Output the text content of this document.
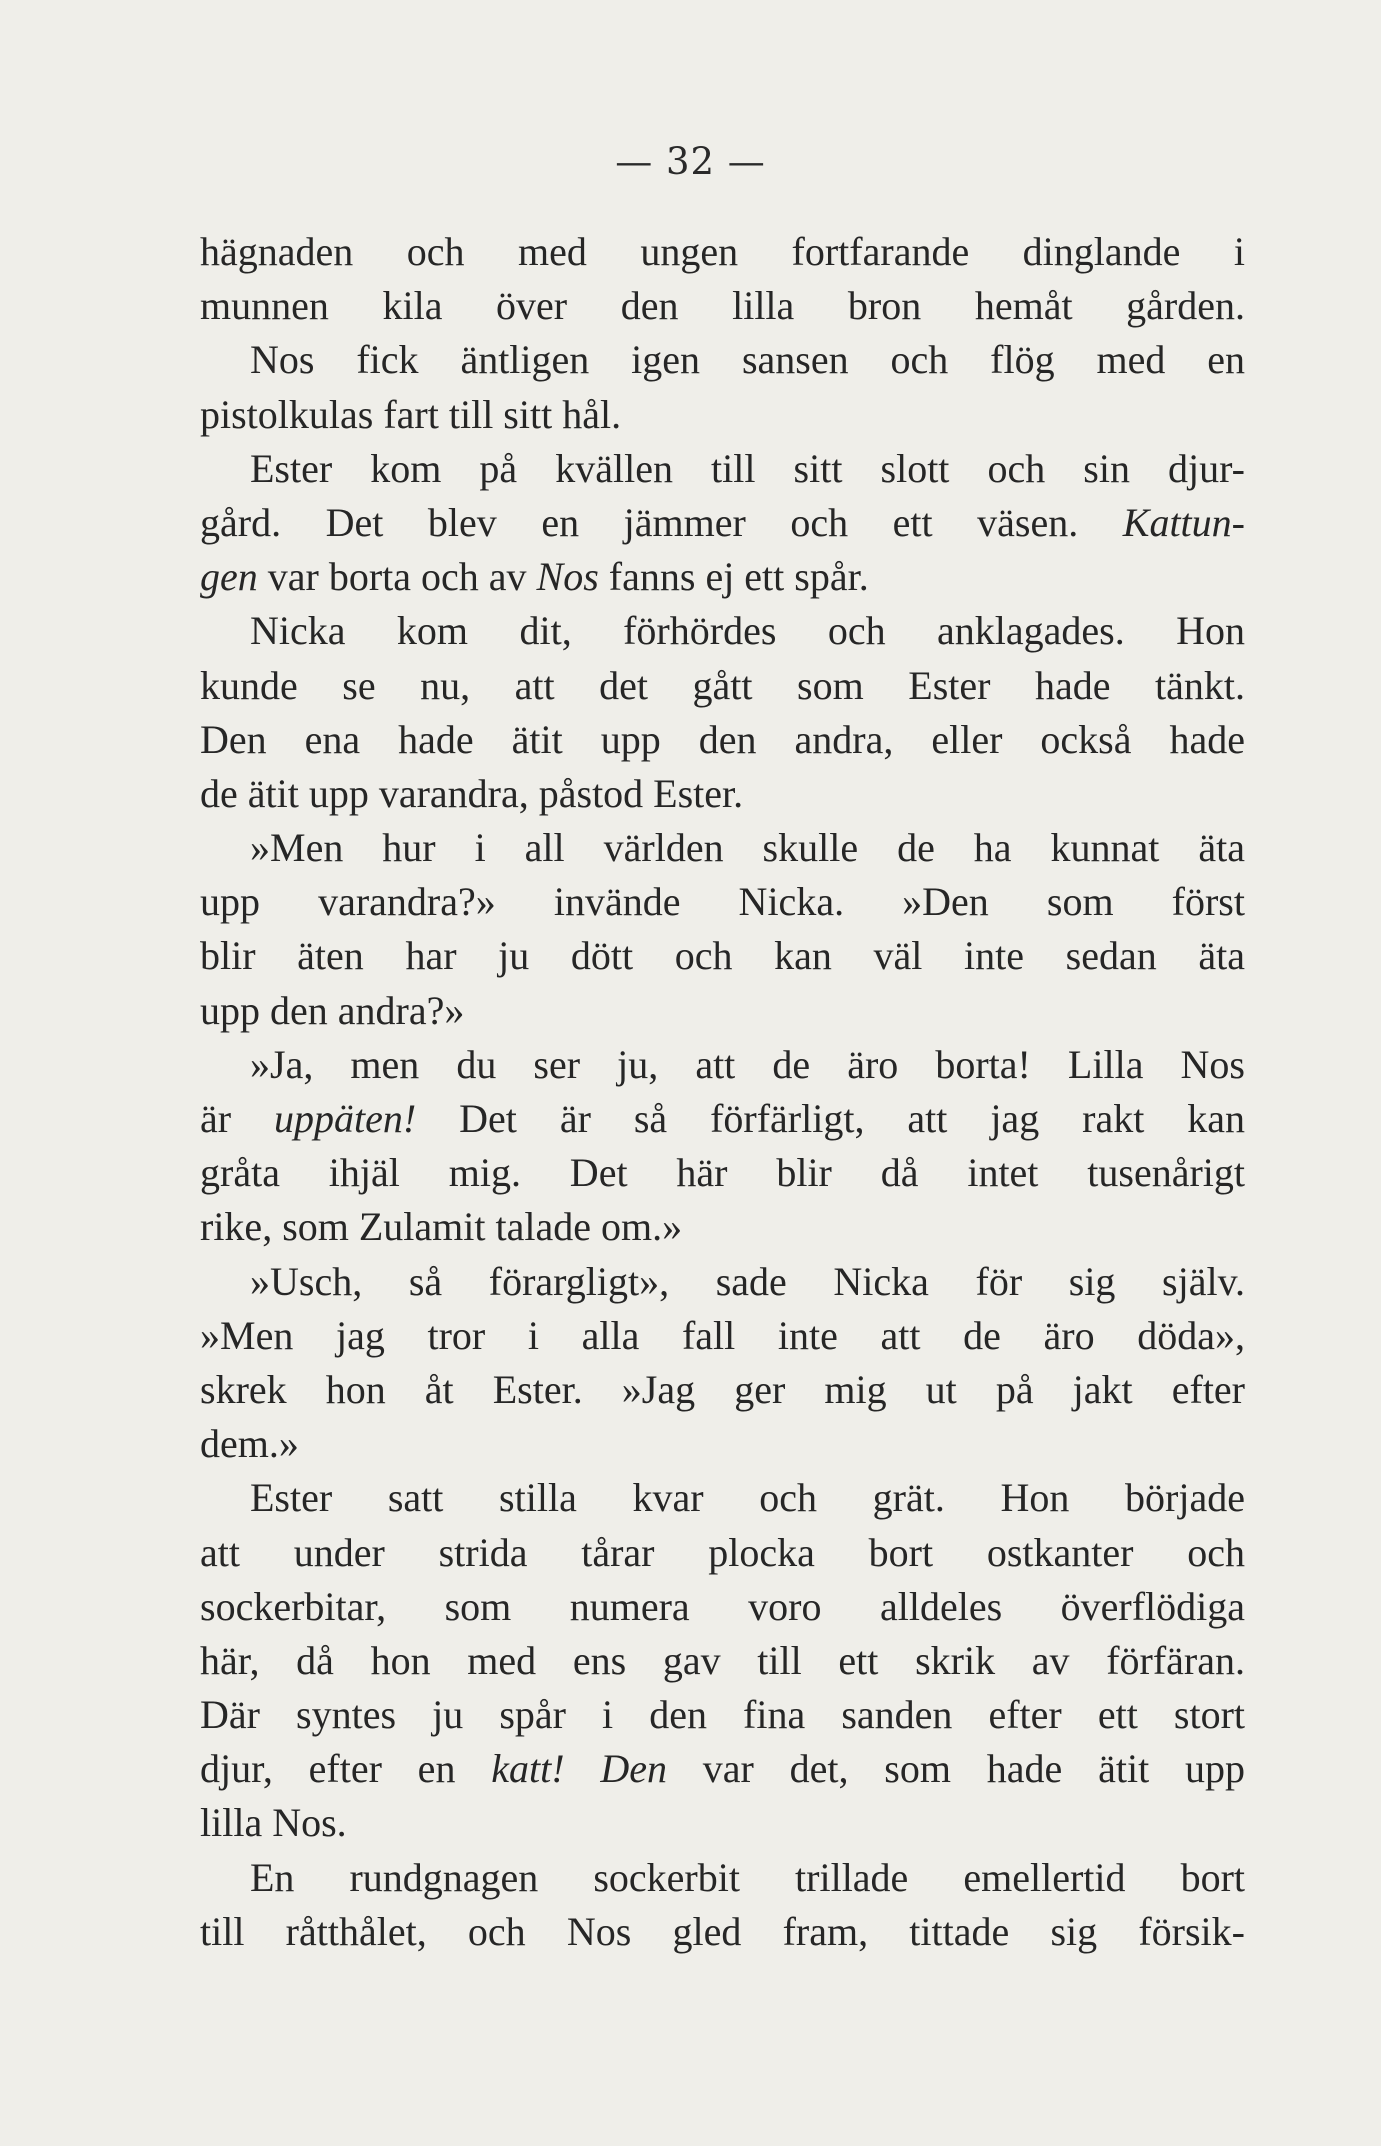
— 32 —
hägnaden och med ungen fortfarande dinglande i
munnen kila över den lilla bron hemåt gården.
Nos fick äntligen igen sansen och flög med en
pistolkulas fart till sitt hål.
Ester kom på kvällen till sitt slott och sin djur-
gård. Det blev en jämmer och ett väsen. Kattun-
gen var borta och av Nos fanns ej ett spår.
Nicka kom dit, förhördes och anklagades. Hon
kunde se nu, att det gått som Ester hade tänkt.
Den ena hade ätit upp den andra, eller också hade
de ätit upp varandra, påstod Ester.
»Men hur i all världen skulle de ha kunnat äta
upp varandra?» invände Nicka. »Den som först
blir äten har ju dött och kan väl inte sedan äta
upp den andra?»
»Ja, men du ser ju, att de äro borta! Lilla Nos
är uppäten! Det är så förfärligt, att jag rakt kan
gråta ihjäl mig. Det här blir då intet tusenårigt
rike, som Zulamit talade om.»
»Usch, så förargligt», sade Nicka för sig själv.
»Men jag tror i alla fall inte att de äro döda»,
skrek hon åt Ester. »Jag ger mig ut på jakt efter
dem.»
Ester satt stilla kvar och grät. Hon började
att under strida tårar plocka bort ostkanter och
sockerbitar, som numera voro alldeles överflödiga
här, då hon med ens gav till ett skrik av förfäran.
Där syntes ju spår i den fina sanden efter ett stort
djur, efter en katt! Den var det, som hade ätit upp
lilla Nos.
En rundgnagen sockerbit trillade emellertid bort
till råtthålet, och Nos gled fram, tittade sig försik-
